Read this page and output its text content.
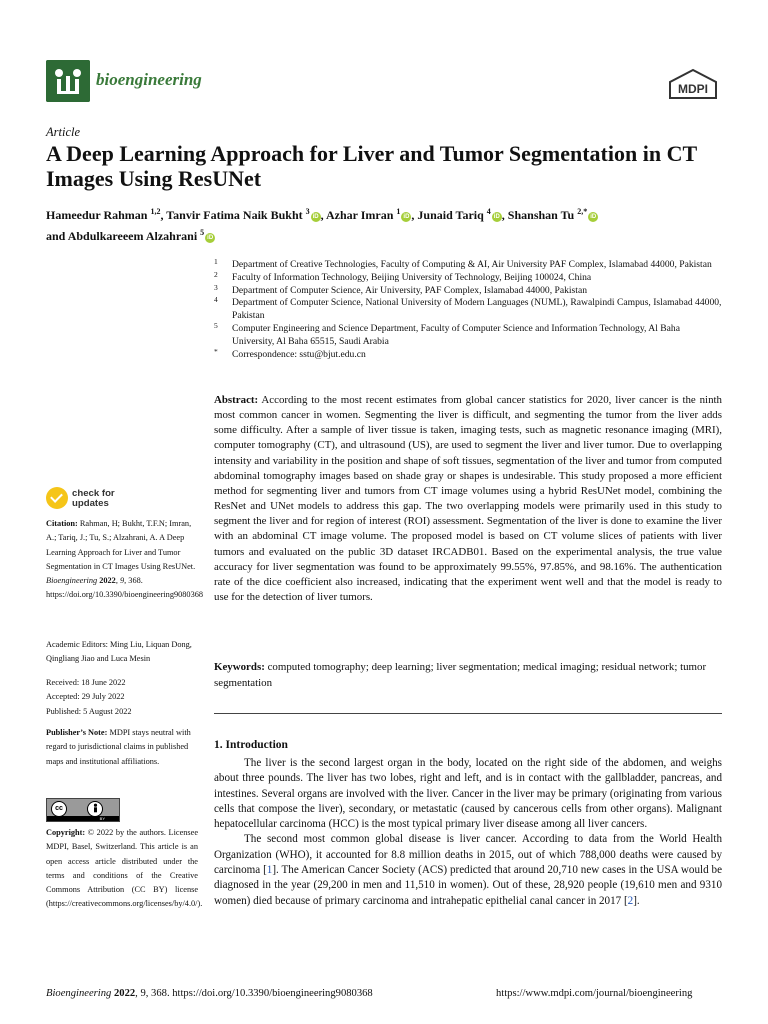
bioengineering	MDPI
Article
A Deep Learning Approach for Liver and Tumor Segmentation in CT Images Using ResUNet
Hameedur Rahman $^{1,2}$, Tanvir Fatima Naik Bukht $^3$iD , Azhar Imran $^1$iD , Junaid Tariq $^4$iD , Shanshan Tu $^{2,*}$iD
and Abdulkareeem Alzahrani $^5$iD

1 Department of Creative Technologies, Faculty of Computing & AI, Air University PAF Complex, Islamabad 44000, Pakistan

2 Faculty of Information Technology, Beijing University of Technology, Beijing 100024, China

3 Department of Computer Science, Air University, PAF Complex, Islamabad 44000, Pakistan

4 Department of Computer Science, National University of Modern Languages (NUML), Rawalpindi Campus, Islamabad 44000, Pakistan

5 Computer Engineering and Science Department, Faculty of Computer Science and Information Technology, Al Baha University, Al Baha 65515, Saudi Arabia

* Correspondence: sstu@bjut.edu.cn

Abstract: According to the most recent estimates from global cancer statistics for 2020, liver cancer is the ninth most common cancer in women. Segmenting the liver is difficult, and segmenting the tumor from the liver adds some difficulty. After a sample of liver tissue is taken, imaging tests, such as magnetic resonance imaging (MRI), computer tomography (CT), and ultrasound (US), are used to segment the liver and liver tumor. Due to overlapping intensity and variability in the position and shape of soft tissues, segmentation of the liver and tumor from computed abdominal tomography images based on shade gray or shapes is undesirable. This study proposed a more efficient method for segmenting liver and tumors from CT image volumes using a hybrid ResUNet model, combining the ResNet and UNet models to address this gap. The two overlapping models were primarily used in this study to segment the liver and for region of interest (ROI) assessment. Segmentation of the liver is done to examine the liver with an abdominal CT image volume. The proposed model is based on CT volume slices of patients with liver tumors and evaluated on the public 3D dataset IRCADB01. Based on the experimental analysis, the true value accuracy for liver segmentation was found to be approximately 99.55%, 97.85%, and 98.16%. The authentication rate of the dice coefficient also increased, indicating that the experiment went well and that the model is ready to use for the detection of liver tumors.
Keywords: computed tomography; deep learning; liver segmentation; medical imaging; residual network; tumor segmentation
1. Introduction

The liver is the second largest organ in the body, located on the right side of the abdomen, and weighs about three pounds. The liver has two lobes, right and left, and is in contact with the gallbladder, pancreas, and intestines. Several organs are involved with the liver. Cancer in the liver may be primary (originating from various cells that compose the liver), secondary, or metastatic (caused by cancerous cells from other organs). Malignant hepatocellular carcinoma (HCC) is the most typical primary liver disease among all liver cancers.

The second most common global disease is liver cancer. According to data from the World Health Organization (WHO), it accounted for 8.8 million deaths in 2015, out of which 788,000 deaths were caused by carcinoma [1]. The American Cancer Society (ACS) predicted that around 20,710 new cases in the USA would be diagnosed in the year (29,200 in men and 11,510 in women). Out of these, 28,920 people (19,610 men and 9310 women) died because of primary carcinoma and intrahepatic epithelial canal cancer in 2017 [2].

check for
updates
Citation: Rahman, H; Bukht, T.F.N; Imran, A.; Tariq, J.; Tu, S.; Alzahrani, A. A Deep Learning Approach for Liver and Tumor Segmentation in CT Images Using ResUNet. Bioengineering 2022, 9, 368. https://doi.org/10.3390/bioengineering9080368
Academic Editors: Ming Liu, Liquan Dong, Qingliang Jiao and Luca Mesin
Received: 18 June 2022
Accepted: 29 July 2022
Published: 5 August 2022
Publisher’s Note: MDPI stays neutral with regard to jurisdictional claims in published maps and institutional affiliations.
cc
BY
Copyright: © 2022 by the authors. Licensee MDPI, Basel, Switzerland. This article is an open access article distributed under the terms and conditions of the Creative Commons Attribution (CC BY) license (https://creativecommons.org/licenses/by/4.0/).
Bioengineering 2022, 9, 368. https://doi.org/10.3390/bioengineering9080368	https://www.mdpi.com/journal/bioengineering
